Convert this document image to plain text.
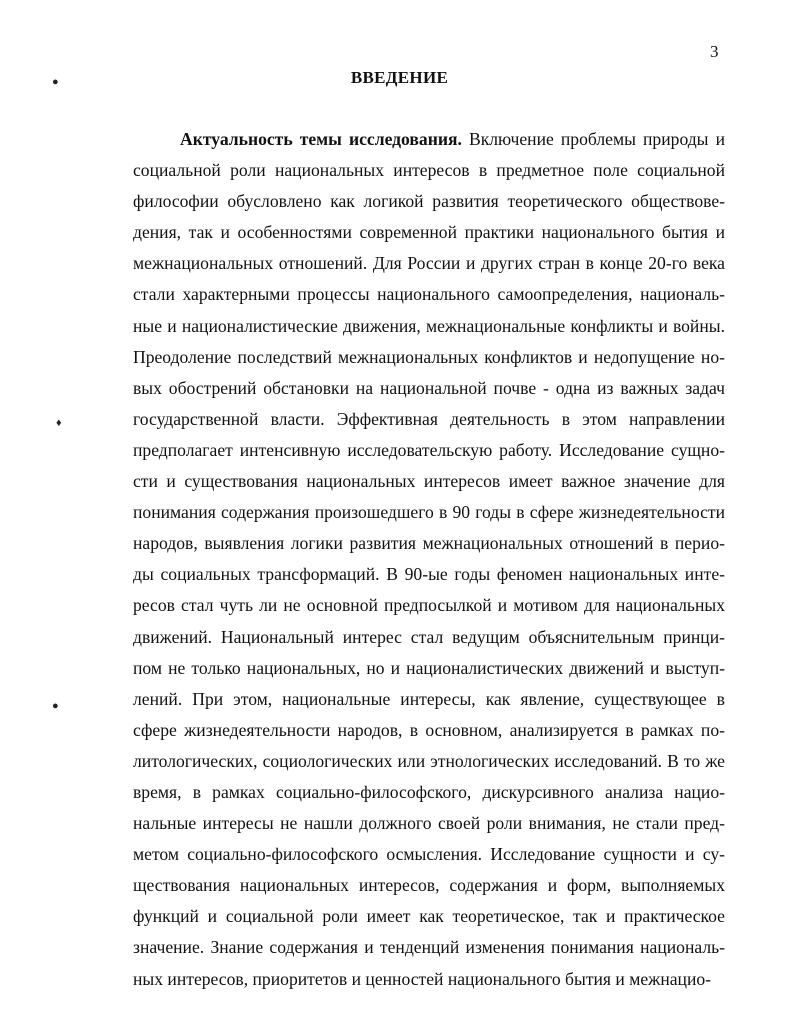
3
●
♦
●
ВВЕДЕНИЕ
Актуальность темы исследования. Включение проблемы природы и
социальной роли национальных интересов в предметное поле социальной
философии обусловлено как логикой развития теоретического обществове-
дения, так и особенностями современной практики национального бытия и
межнациональных отношений. Для России и других стран в конце 20-го века
стали характерными процессы национального самоопределения, националь-
ные и националистические движения, межнациональные конфликты и войны.
Преодоление последствий межнациональных конфликтов и недопущение но-
вых обострений обстановки на национальной почве - одна из важных задач
государственной власти. Эффективная деятельность в этом направлении
предполагает интенсивную исследовательскую работу. Исследование сущно-
сти и существования национальных интересов имеет важное значение для
понимания содержания произошедшего в 90 годы в сфере жизнедеятельности
народов, выявления логики развития межнациональных отношений в перио-
ды социальных трансформаций. В 90-ые годы феномен национальных инте-
ресов стал чуть ли не основной предпосылкой и мотивом для национальных
движений. Национальный интерес стал ведущим объяснительным принци-
пом не только национальных, но и националистических движений и выступ-
лений. При этом, национальные интересы, как явление, существующее в
сфере жизнедеятельности народов, в основном, анализируется в рамках по-
литологических, социологических или этнологических исследований. В то же
время, в рамках социально-философского, дискурсивного анализа нацио-
нальные интересы не нашли должного своей роли внимания, не стали пред-
метом социально-философского осмысления. Исследование сущности и су-
ществования национальных интересов, содержания и форм, выполняемых
функций и социальной роли имеет как теоретическое, так и практическое
значение. Знание содержания и тенденций изменения понимания националь-
ных интересов, приоритетов и ценностей национального бытия и межнацио-
